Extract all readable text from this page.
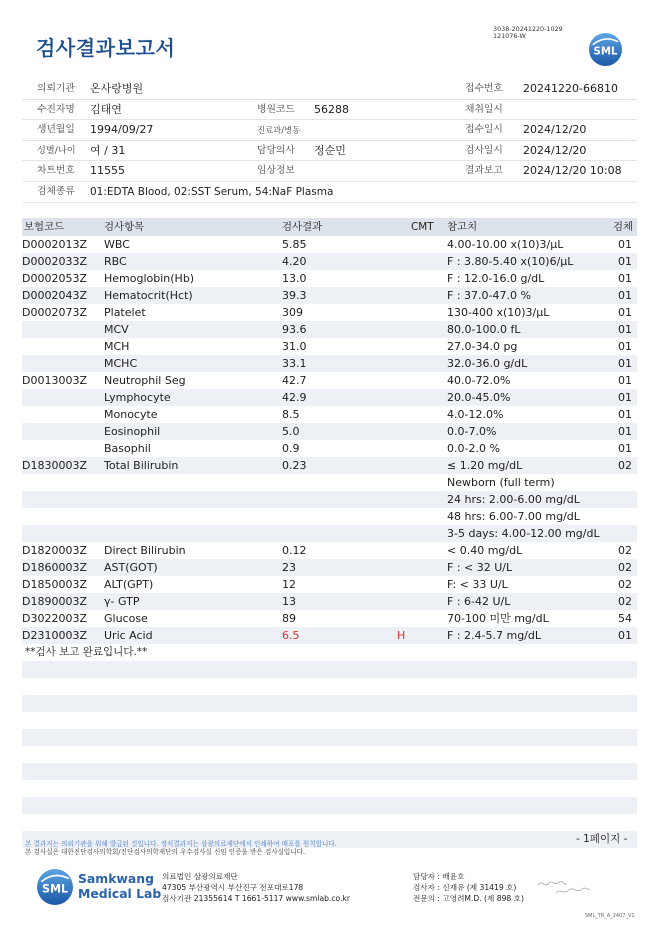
3038-20241220-1029
121076-W
검사결과보고서	SML
의뢰기관 온사랑병원	접수번호 20241220-66810
수진자명 김태연	병원코드 56288	채취일시
생년월일 1994/09/27	진료과/병동	접수일시 2024/12/20
성별/나이 여 / 31	담당의사 정순민	검사일시 2024/12/20
차트번호 11555	임상정보	결과보고 2024/12/20 10:08
검체종류 01:EDTA Blood, 02:SST Serum, 54:NaF Plasma
보험코드	검사항목	검사결과	CMT 참고치	검체
D0002013Z WBC	5.85	4.00-10.00 x(10)3/μL	01
D0002033Z RBC	4.20	F : 3.80-5.40 x(10)6/μL	01
D0002053Z Hemoglobin(Hb)	13.0	F : 12.0-16.0 g/dL	01
D0002043Z Hematocrit(Hct)	39.3	F : 37.0-47.0 %	01
D0002073Z Platelet	309	130-400 x(10)3/μL	01
MCV	93.6	80.0-100.0 fL	01
MCH	31.0	27.0-34.0 pg	01
MCHC	33.1	32.0-36.0 g/dL	01
D0013003Z Neutrophil Seg	42.7	40.0-72.0%	01
Lymphocyte	42.9	20.0-45.0%	01
Monocyte	8.5	4.0-12.0%	01
Eosinophil	5.0	0.0-7.0%	01
Basophil	0.9	0.0-2.0 %	01
D1830003Z Total Bilirubin	0.23	≤ 1.20 mg/dL	02
Newborn (full term)
24 hrs: 2.00-6.00 mg/dL
48 hrs: 6.00-7.00 mg/dL
3-5 days: 4.00-12.00 mg/dL
D1820003Z Direct Bilirubin	0.12	< 0.40 mg/dL	02
D1860003Z AST(GOT)	23	F : < 32 U/L	02
D1850003Z ALT(GPT)	12	F: < 33 U/L	02
D1890003Z γ- GTP	13	F : 6-42 U/L	02
D3022003Z Glucose	89	70-100 미만 mg/dL	54
D2310003Z Uric Acid	6.5	H	F : 2.4-5.7 mg/dL	01
**검사 보고 완료입니다.**
- 1페이지 -
본 결과지는 의뢰기관을 위해 발급된 것입니다. 정식결과지는 삼광의료재단에서 인쇄하여 배포를 원칙합니다.
본 검사실은 대한진단검사의학회/진단검사의학재단의 우수검사실 신임 인증을 받은 검사실입니다.
SML
Samkwang
Medical Lab
의료법인 삼광의료재단
47305 부산광역시 부산진구 전포대로178
검사기관 21355614 T 1661-5117 www.smlab.co.kr
담당자 : 배윤호
검사자 : 신재유 (제 31419 호)
전문의 : 고영려M.D. (제 898 호)
SML_TR_A_2407_V1
